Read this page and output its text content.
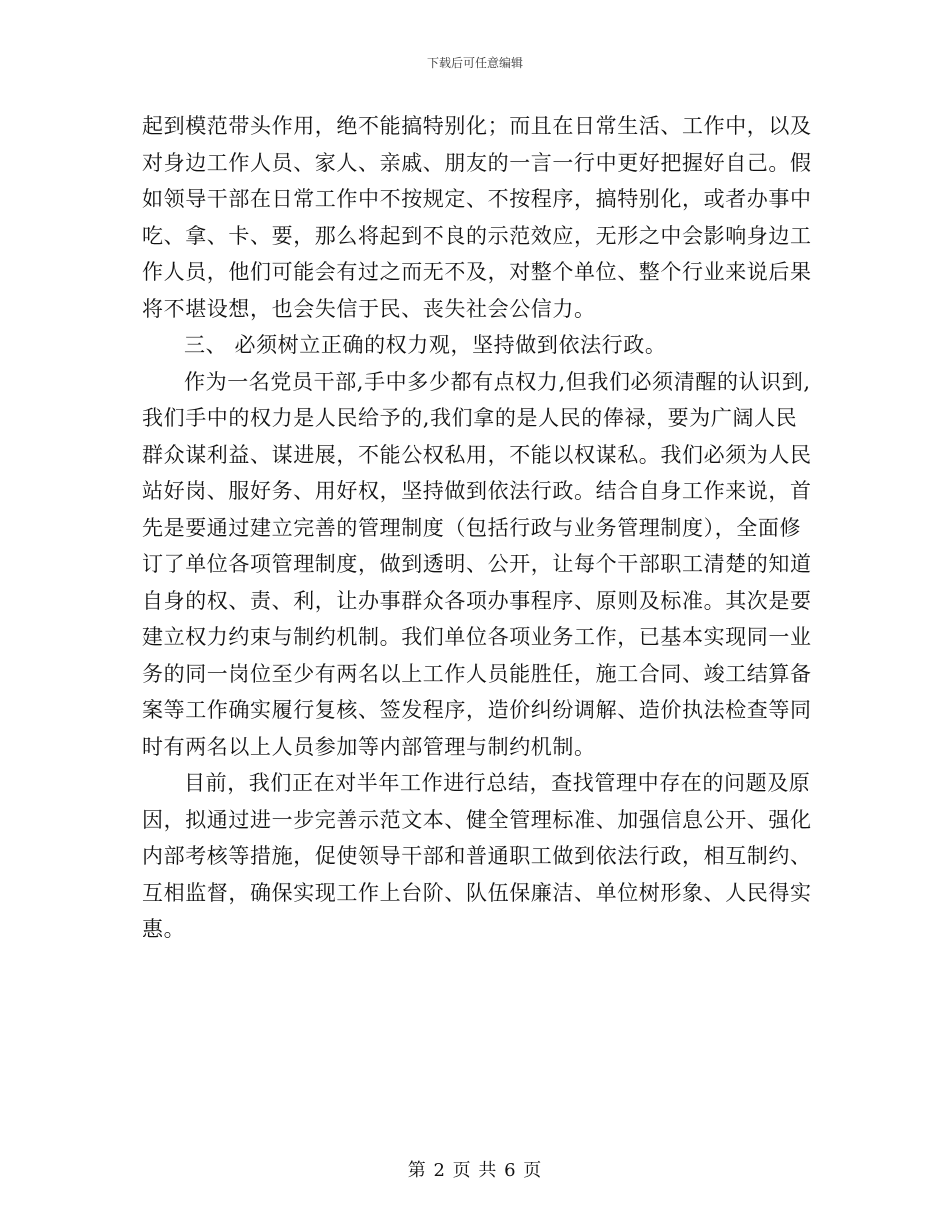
下载后可任意编辑

起到模范带头作用，绝不能搞特别化；而且在日常生活、工作中，以及对身边工作人员、家人、亲戚、朋友的一言一行中更好把握好自己。假如领导干部在日常工作中不按规定、不按程序，搞特别化，或者办事中吃、拿、卡、要，那么将起到不良的示范效应，无形之中会影响身边工作人员，他们可能会有过之而无不及，对整个单位、整个行业来说后果将不堪设想，也会失信于民、丧失社会公信力。

三、 必须树立正确的权力观，坚持做到依法行政。

作为一名党员干部,手中多少都有点权力,但我们必须清醒的认识到,我们手中的权力是人民给予的,我们拿的是人民的俸禄，要为广阔人民群众谋利益、谋进展，不能公权私用，不能以权谋私。我们必须为人民站好岗、服好务、用好权，坚持做到依法行政。结合自身工作来说，首先是要通过建立完善的管理制度（包括行政与业务管理制度），全面修订了单位各项管理制度，做到透明、公开，让每个干部职工清楚的知道自身的权、责、利，让办事群众各项办事程序、原则及标准。其次是要建立权力约束与制约机制。我们单位各项业务工作，已基本实现同一业务的同一岗位至少有两名以上工作人员能胜任，施工合同、竣工结算备案等工作确实履行复核、签发程序，造价纠纷调解、造价执法检查等同时有两名以上人员参加等内部管理与制约机制。

目前，我们正在对半年工作进行总结，查找管理中存在的问题及原因，拟通过进一步完善示范文本、健全管理标准、加强信息公开、强化内部考核等措施，促使领导干部和普通职工做到依法行政，相互制约、互相监督，确保实现工作上台阶、队伍保廉洁、单位树形象、人民得实惠。

第 2 页 共 6 页
